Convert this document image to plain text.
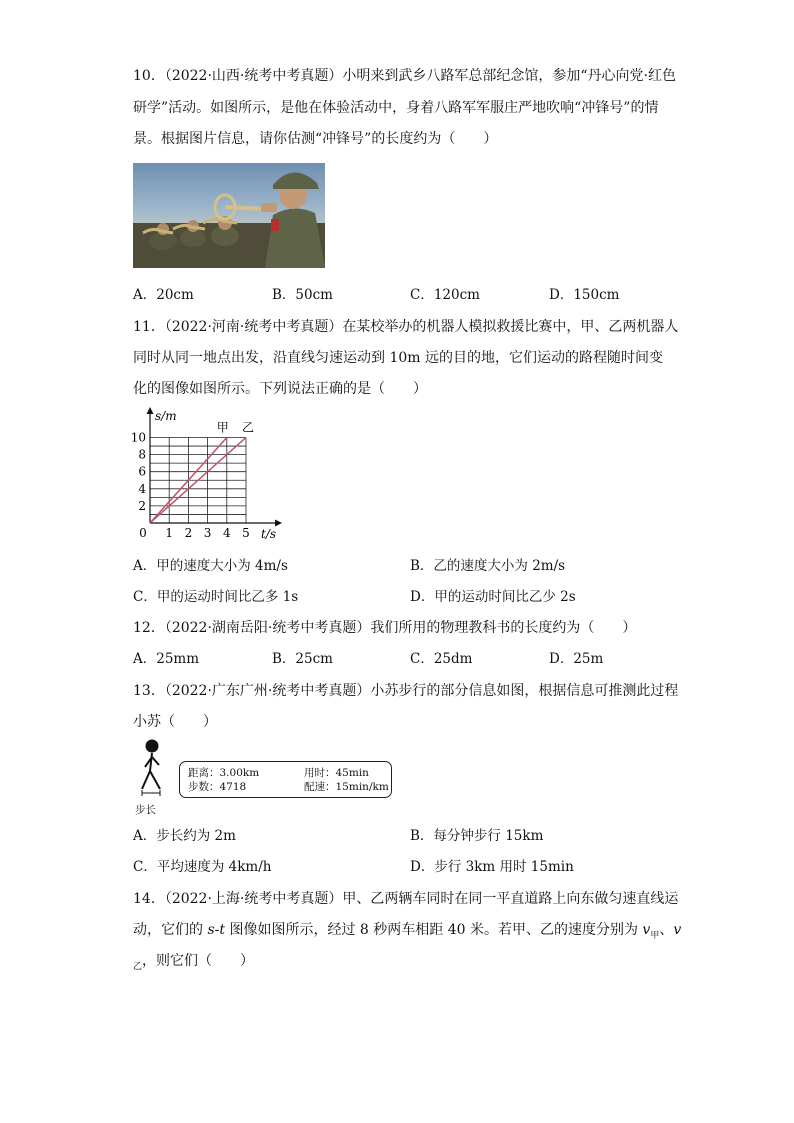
10．（2022·山西·统考中考真题）小明来到武乡八路军总部纪念馆，参加“丹心向党·红色
研学”活动。如图所示，是他在体验活动中，身着八路军军服庄严地吹响“冲锋号”的情
景。根据图片信息，请你估测“冲锋号”的长度约为（　　）
A．20cm	B．50cm	C．120cm	D．150cm
11．（2022·河南·统考中考真题）在某校举办的机器人模拟救援比赛中，甲、乙两机器人
同时从同一地点出发，沿直线匀速运动到 10m 远的目的地，它们运动的路程随时间变
化的图像如图所示。下列说法正确的是（　　）
甲 乙
0 1 2 3 4 5
2
4
6
8
10
s/m
t/s
A．甲的速度大小为 4m/s	B．乙的速度大小为 2m/s
C．甲的运动时间比乙多 1s	D．甲的运动时间比乙少 2s
12．（2022·湖南岳阳·统考中考真题）我们所用的物理教科书的长度约为（　　）
A．25mm	B．25cm	C．25dm	D．25m
13．（2022·广东广州·统考中考真题）小苏步行的部分信息如图，根据信息可推测此过程
小苏（　　）
步长
距离：3.00km
步数：4718
用时：45min
配速：15min/km
A．步长约为 2m	B．每分钟步行 15km
C．平均速度为 4km/h	D．步行 3km 用时 15min
14．（2022·上海·统考中考真题）甲、乙两辆车同时在同一平直道路上向东做匀速直线运
动，它们的 s-t 图像如图所示，经过 8 秒两车相距 40 米。若甲、乙的速度分别为 $v_甲$、v
$_乙$，则它们（　　）
